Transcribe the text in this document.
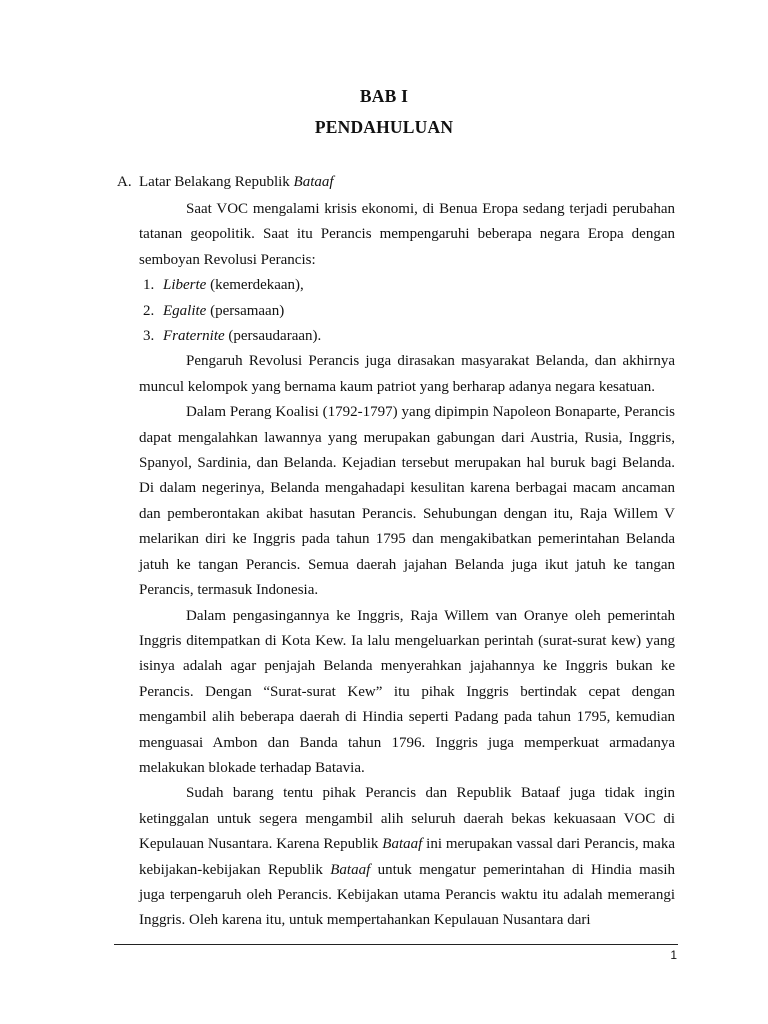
BAB I
PENDAHULUAN
A. Latar Belakang Republik Bataaf

Saat VOC mengalami krisis ekonomi, di Benua Eropa sedang terjadi perubahan tatanan geopolitik. Saat itu Perancis mempengaruhi beberapa negara Eropa dengan semboyan Revolusi Perancis:

1. Liberte (kemerdekaan),
2. Egalite (persamaan)
3. Fraternite (persaudaraan).

Pengaruh Revolusi Perancis juga dirasakan masyarakat Belanda, dan akhirnya muncul kelompok yang bernama kaum patriot yang berharap adanya negara kesatuan.

Dalam Perang Koalisi (1792-1797) yang dipimpin Napoleon Bonaparte, Perancis dapat mengalahkan lawannya yang merupakan gabungan dari Austria, Rusia, Inggris, Spanyol, Sardinia, dan Belanda. Kejadian tersebut merupakan hal buruk bagi Belanda. Di dalam negerinya, Belanda mengahadapi kesulitan karena berbagai macam ancaman dan pemberontakan akibat hasutan Perancis. Sehubungan dengan itu, Raja Willem V melarikan diri ke Inggris pada tahun 1795 dan mengakibatkan pemerintahan Belanda jatuh ke tangan Perancis. Semua daerah jajahan Belanda juga ikut jatuh ke tangan Perancis, termasuk Indonesia.

Dalam pengasingannya ke Inggris, Raja Willem van Oranye oleh pemerintah Inggris ditempatkan di Kota Kew. Ia lalu mengeluarkan perintah (surat-surat kew) yang isinya adalah agar penjajah Belanda menyerahkan jajahannya ke Inggris bukan ke Perancis. Dengan “Surat-surat Kew” itu pihak Inggris bertindak cepat dengan mengambil alih beberapa daerah di Hindia seperti Padang pada tahun 1795, kemudian menguasai Ambon dan Banda tahun 1796. Inggris juga memperkuat armadanya melakukan blokade terhadap Batavia.

Sudah barang tentu pihak Perancis dan Republik Bataaf juga tidak ingin ketinggalan untuk segera mengambil alih seluruh daerah bekas kekuasaan VOC di Kepulauan Nusantara. Karena Republik Bataaf ini merupakan vassal dari Perancis, maka kebijakan-kebijakan Republik Bataaf untuk mengatur pemerintahan di Hindia masih juga terpengaruh oleh Perancis. Kebijakan utama Perancis waktu itu adalah memerangi Inggris. Oleh karena itu, untuk mempertahankan Kepulauan Nusantara dari

1
